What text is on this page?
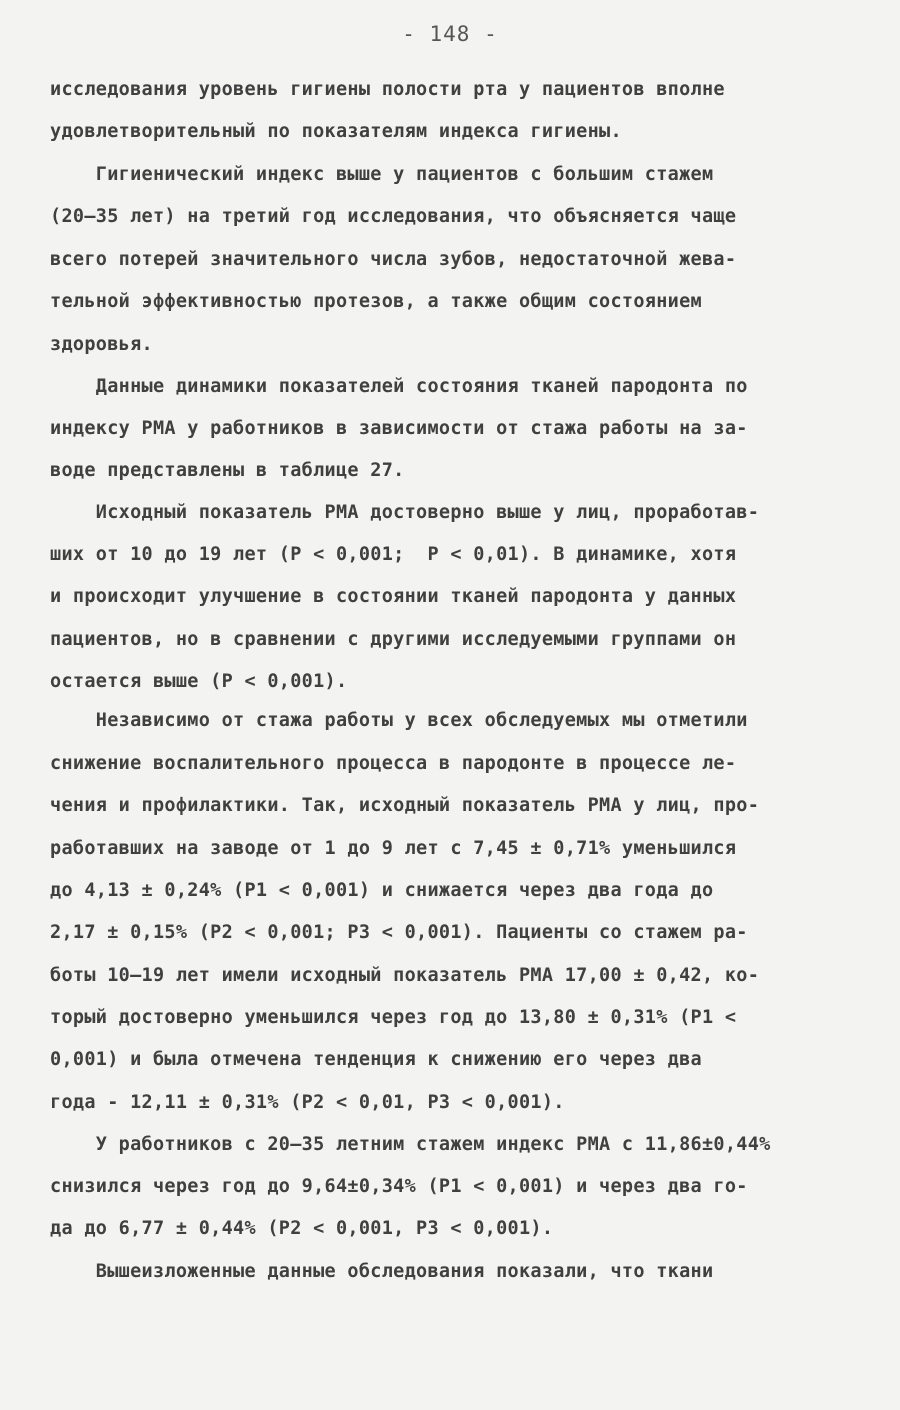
- 148 -
исследования уровень гигиены полости рта у пациентов вполне
удовлетворительный по показателям индекса гигиены.
Гигиенический индекс выше у пациентов с большим стажем
(20—35 лет) на третий год исследования, что объясняется чаще
всего потерей значительного числа зубов, недостаточной жева-
тельной эффективностью протезов, а также общим состоянием
здоровья.
Данные динамики показателей состояния тканей пародонта по
индексу РМА у работников в зависимости от стажа работы на за-
воде представлены в таблице 27.
Исходный показатель РМА достоверно выше у лиц, проработав-
ших от 10 до 19 лет (P < 0,001;  P < 0,01). В динамике, хотя
и происходит улучшение в состоянии тканей пародонта у данных
пациентов, но в сравнении с другими исследуемыми группами он
остается выше (P < 0,001).
Независимо от стажа работы у всех обследуемых мы отметили
снижение воспалительного процесса в пародонте в процессе ле-
чения и профилактики. Так, исходный показатель РМА у лиц, про-
работавших на заводе от 1 до 9 лет с 7,45 ± 0,71% уменьшился
до 4,13 ± 0,24% (P1 < 0,001) и снижается через два года до
2,17 ± 0,15% (P2 < 0,001; P3 < 0,001). Пациенты со стажем ра-
боты 10—19 лет имели исходный показатель РМА 17,00 ± 0,42, ко-
торый достоверно уменьшился через год до 13,80 ± 0,31% (P1 <
0,001) и была отмечена тенденция к снижению его через два
года - 12,11 ± 0,31% (P2 < 0,01, P3 < 0,001).
У работников с 20—35 летним стажем индекс РМА с 11,86±0,44%
снизился через год до 9,64±0,34% (P1 < 0,001) и через два го-
да до 6,77 ± 0,44% (P2 < 0,001, P3 < 0,001).
Вышеизложенные данные обследования показали, что ткани
